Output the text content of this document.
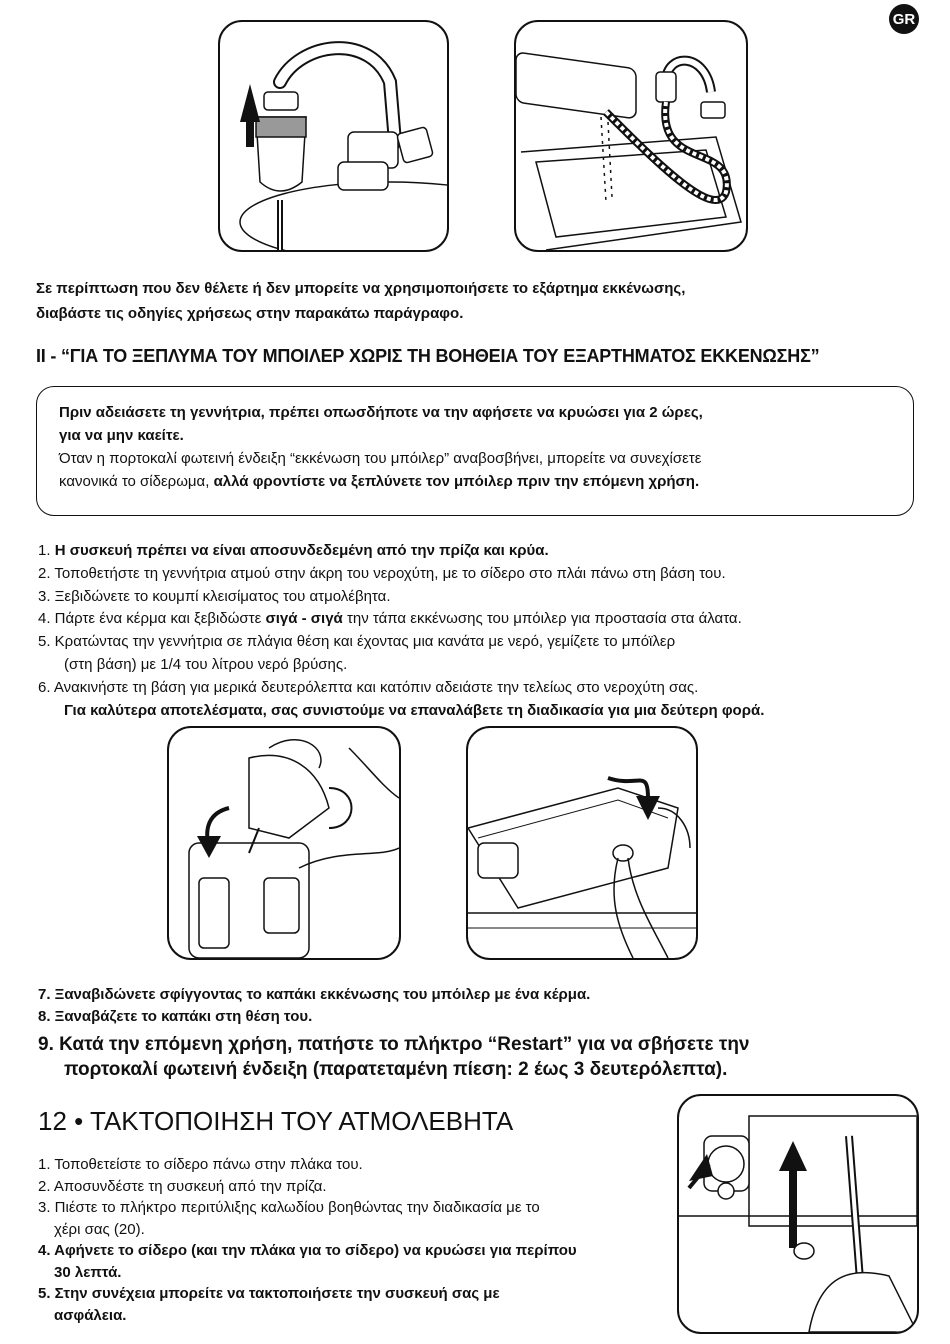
GR
Σε περίπτωση που δεν θέλετε ή δεν μπορείτε να χρησιμοποιήσετε το εξάρτημα εκκένωσης,
διαβάστε τις οδηγίες χρήσεως στην παρακάτω παράγραφο.
II - “ΓΙΑ ΤΟ ΞΕΠΛΥΜΑ ΤΟΥ ΜΠΟΙΛΕΡ ΧΩΡΙΣ ΤΗ ΒΟΗΘΕΙΑ ΤΟΥ ΕΞΑΡΤΗΜΑΤΟΣ ΕΚΚΕΝΩΣΗΣ”
Πριν αδειάσετε τη γεννήτρια, πρέπει οπωσδήποτε να την αφήσετε να κρυώσει για 2 ώρες,
για να μην καείτε.
Όταν η πορτοκαλί φωτεινή ένδειξη “εκκένωση του μπόιλερ” αναβοσβήνει, μπορείτε να συνεχίσετε
κανονικά το σίδερωμα, αλλά φροντίστε να ξεπλύνετε τον μπόιλερ πριν την επόμενη χρήση.

1. Η συσκευή πρέπει να είναι αποσυνδεδεμένη από την πρίζα και κρύα.

2. Τοποθετήστε τη γεννήτρια ατμού στην άκρη του νεροχύτη, με το σίδερο στο πλάι πάνω στη βάση του.

3. Ξεβιδώνετε το κουμπί κλεισίματος του ατμολέβητα.

4. Πάρτε ένα κέρμα και ξεβιδώστε σιγά - σιγά την τάπα εκκένωσης του μπόιλερ για προστασία στα άλατα.

5. Κρατώντας την γεννήτρια σε πλάγια θέση και έχοντας μια κανάτα με νερό, γεμίζετε το μπόϊλερ

(στη βάση) με 1/4 του λίτρου νερό βρύσης.

6. Ανακινήστε τη βάση για μερικά δευτερόλεπτα και κατόπιν αδειάστε την τελείως στο νεροχύτη σας.

Για καλύτερα αποτελέσματα, σας συνιστούμε να επαναλάβετε τη διαδικασία για μια δεύτερη φορά.

7. Ξαναβιδώνετε σφίγγοντας το καπάκι εκκένωσης του μπόιλερ με ένα κέρμα.

8. Ξαναβάζετε το καπάκι στη θέση του.

9. Κατά την επόμενη χρήση, πατήστε το πλήκτρο “Restart” για να σβήσετε την
πορτοκαλί φωτεινή ένδειξη (παρατεταμένη πίεση: 2 έως 3 δευτερόλεπτα).

12 • ΤΑΚΤΟΠΟΙΗΣΗ ΤΟΥ ΑΤΜΟΛΕΒΗΤΑ

1. Τοποθετείστε το σίδερο πάνω στην πλάκα του.

2. Αποσυνδέστε τη συσκευή από την πρίζα.

3. Πιέστε το πλήκτρο περιτύλιξης καλωδίου βοηθώντας την διαδικασία με το

χέρι σας (20).

4. Αφήνετε το σίδερο (και την πλάκα για το σίδερο) να κρυώσει για περίπου

30 λεπτά.

5. Στην συνέχεια μπορείτε να τακτοποιήσετε την συσκευή σας με

ασφάλεια.
